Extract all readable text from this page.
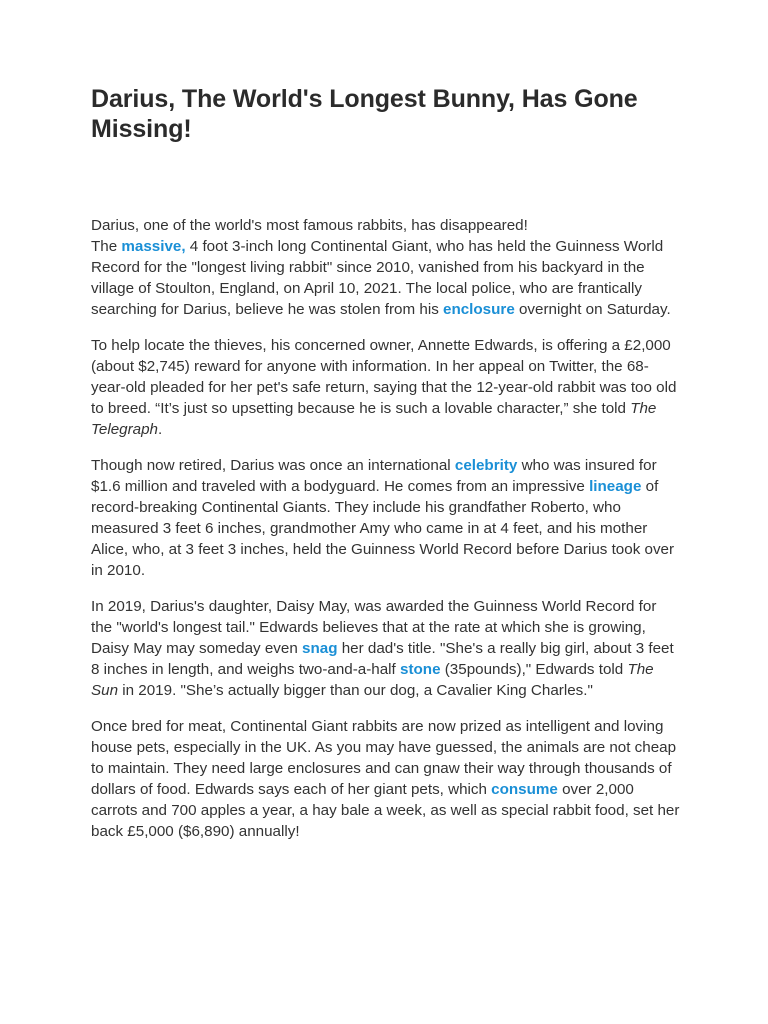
Darius, The World's Longest Bunny, Has Gone Missing!

Darius, one of the world's most famous rabbits, has disappeared!
The massive, 4 foot 3-inch long Continental Giant, who has held the Guinness World Record for the "longest living rabbit" since 2010, vanished from his backyard in the village of Stoulton, England, on April 10, 2021. The local police, who are frantically searching for Darius, believe he was stolen from his enclosure overnight on Saturday.

To help locate the thieves, his concerned owner, Annette Edwards, is offering a £2,000 (about $2,745) reward for anyone with information. In her appeal on Twitter, the 68-year-old pleaded for her pet's safe return, saying that the 12-year-old rabbit was too old to breed. “It’s just so upsetting because he is such a lovable character,” she told The Telegraph.

Though now retired, Darius was once an international celebrity who was insured for $1.6 million and traveled with a bodyguard. He comes from an impressive lineage of record-breaking Continental Giants. They include his grandfather Roberto, who measured 3 feet 6 inches, grandmother Amy who came in at 4 feet, and his mother Alice, who, at 3 feet 3 inches, held the Guinness World Record before Darius took over in 2010.

In 2019, Darius's daughter, Daisy May, was awarded the Guinness World Record for the "world's longest tail." Edwards believes that at the rate at which she is growing, Daisy May may someday even snag her dad's title. "She's a really big girl, about 3 feet 8 inches in length, and weighs two-and-a-half stone (35pounds)," Edwards told The Sun in 2019. "She’s actually bigger than our dog, a Cavalier King Charles."

Once bred for meat, Continental Giant rabbits are now prized as intelligent and loving house pets, especially in the UK. As you may have guessed, the animals are not cheap to maintain. They need large enclosures and can gnaw their way through thousands of dollars of food. Edwards says each of her giant pets, which consume over 2,000 carrots and 700 apples a year, a hay bale a week, as well as special rabbit food, set her back £5,000 ($6,890) annually!
